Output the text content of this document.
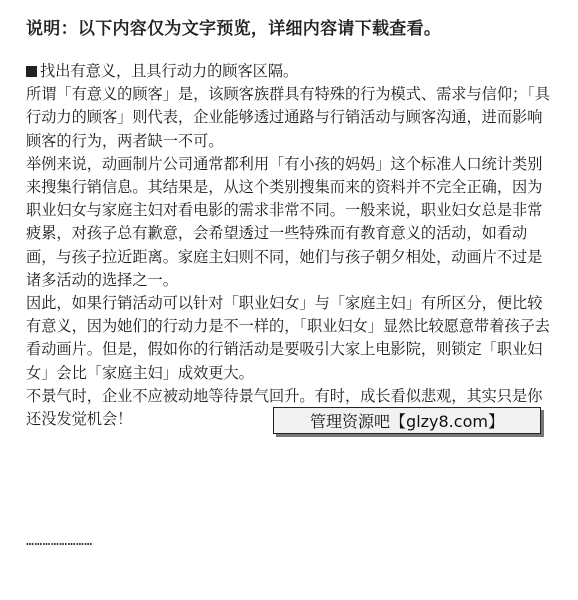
说明：以下内容仅为文字预览，详细内容请下载查看。

找出有意义，且具行动力的顾客区隔。

所谓「有意义的顾客」是，该顾客族群具有特殊的行为模式、需求与信仰；「具行动力的顾客」则代表，企业能够透过通路与行销活动与顾客沟通，进而影响顾客的行为，两者缺一不可。

举例来说，动画制片公司通常都利用「有小孩的妈妈」这个标准人口统计类别来搜集行销信息。其结果是，从这个类别搜集而来的资料并不完全正确，因为职业妇女与家庭主妇对看电影的需求非常不同。一般来说，职业妇女总是非常疲累，对孩子总有歉意，会希望透过一些特殊而有教育意义的活动，如看动画，与孩子拉近距离。家庭主妇则不同，她们与孩子朝夕相处，动画片不过是诸多活动的选择之一。

因此，如果行销活动可以针对「职业妇女」与「家庭主妇」有所区分，便比较有意义，因为她们的行动力是不一样的，「职业妇女」显然比较愿意带着孩子去看动画片。但是，假如你的行销活动是要吸引大家上电影院，则锁定「职业妇女」会比「家庭主妇」成效更大。

不景气时，企业不应被动地等待景气回升。有时，成长看似悲观，其实只是你还没发觉机会！

……………………
管理资源吧【glzy8.com】
